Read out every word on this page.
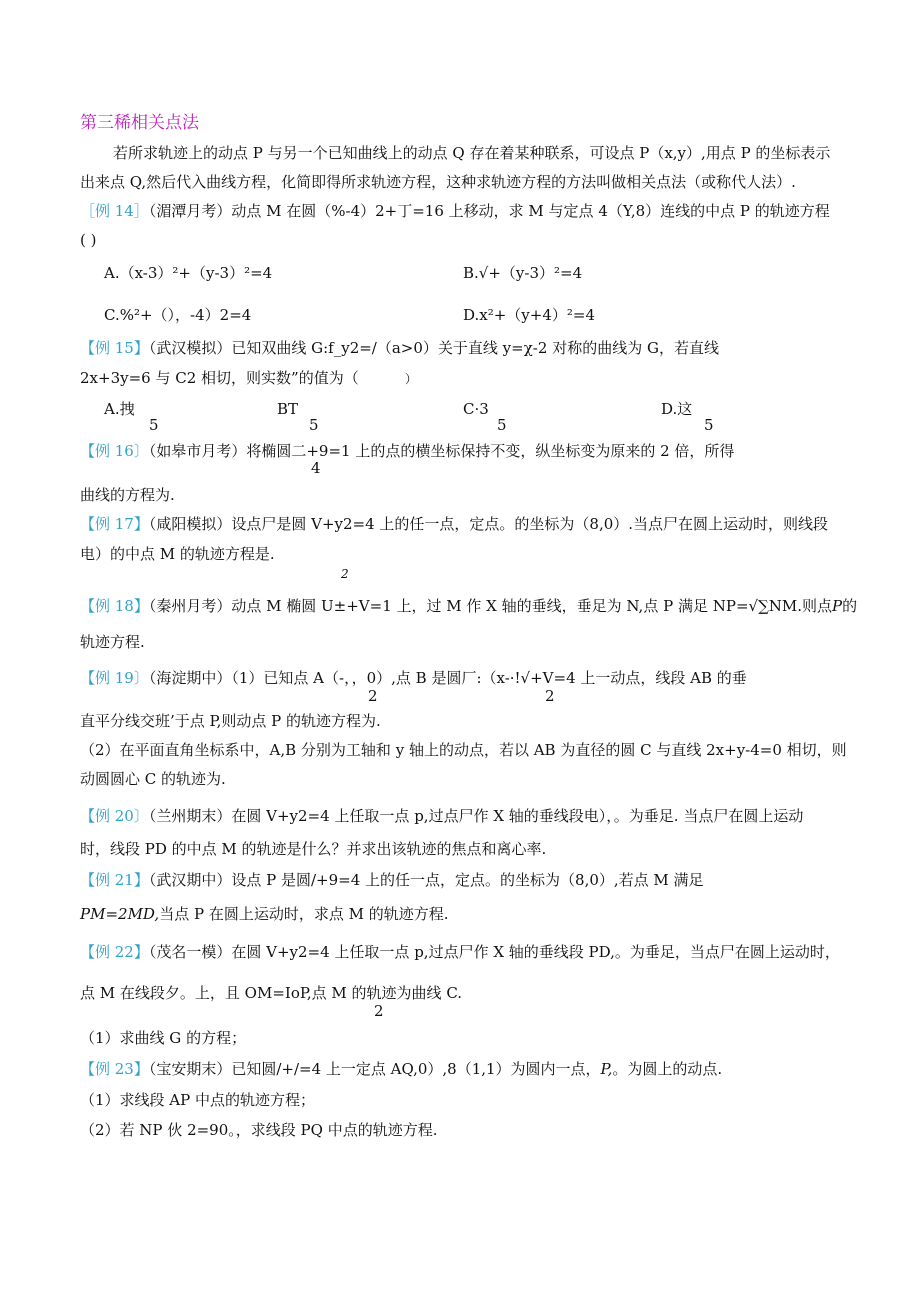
第三稀相关点法
若所求轨迹上的动点 P 与另一个已知曲线上的动点 Q 存在着某种联系，可设点 P（x,y）,用点 P 的坐标表示
出来点 Q,然后代入曲线方程，化简即得所求轨迹方程，这种求轨迹方程的方法叫做相关点法（或称代人法）.
［例 14］（湄潭月考）动点 M 在圆（%-4）2+丁=16 上移动，求 M 与定点 4（Y,8）连线的中点 P 的轨迹方程
( )
A.（x-3）²+（y-3）²=4	B.√+（y-3）²=4
C.%²+（），-4）2=4	D.x²+（y+4）²=4
【例 15】（武汉模拟）已知双曲线 G:f_y2=/（a>0）关于直线 y=χ-2 对称的曲线为 G，若直线
2x+3y=6 与 C2 相切，则实数”的值为（	）
A.拽
5
BT
5
C·3
5
D.这
5
【例 16〕（如皋市月考）将椭圆二+9=1 上的点的横坐标保持不变，纵坐标变为原来的 2 倍，所得
4
曲线的方程为.
【例 17】（咸阳模拟）设点尸是圆 V+y2=4 上的任一点，定点。的坐标为（8,0）.当点尸在圆上运动时，则线段
电）的中点 M 的轨迹方程是.
2
【例 18】（秦州月考）动点 M 椭圆 U±+V=1 上，过 M 作 X 轴的垂线，垂足为 N,点 P 满足 NP=√∑NM.则点P的
轨迹方程.
【例 19〕（海淀期中）（1）已知点 A（-，，0）,点 B 是圆厂:（x-·!√+V=4 上一动点，线段 AB 的垂
2	2
直平分线交班’于点 P,则动点 P 的轨迹方程为.
（2）在平面直角坐标系中，A,B 分别为工轴和 y 轴上的动点，若以 AB 为直径的圆 C 与直线 2x+y-4=0 相切，则
动圆圆心 C 的轨迹为.
【例 20〕（兰州期末）在圆 V+y2=4 上任取一点 p,过点尸作 X 轴的垂线段电），。为垂足. 当点尸在圆上运动
时，线段 PD 的中点 M 的轨迹是什么？并求出该轨迹的焦点和离心率.
【例 21】（武汉期中）设点 P 是圆/+9=4 上的任一点，定点。的坐标为（8,0）,若点 M 满足
PM=2MD,当点 P 在圆上运动时，求点 M 的轨迹方程.
【例 22】（茂名一模）在圆 V+y2=4 上任取一点 p,过点尸作 X 轴的垂线段 PD,。为垂足，当点尸在圆上运动时，
点 M 在线段夕。上，且 OM=IoP,点 M 的轨迹为曲线 C.
2
（1）求曲线 G 的方程；
【例 23】（宝安期末）已知圆/+/=4 上一定点 AQ,0）,8（1,1）为圆内一点，P,。为圆上的动点.
（1）求线段 AP 中点的轨迹方程；
（2）若 NP 伙 2=90。，求线段 PQ 中点的轨迹方程.
